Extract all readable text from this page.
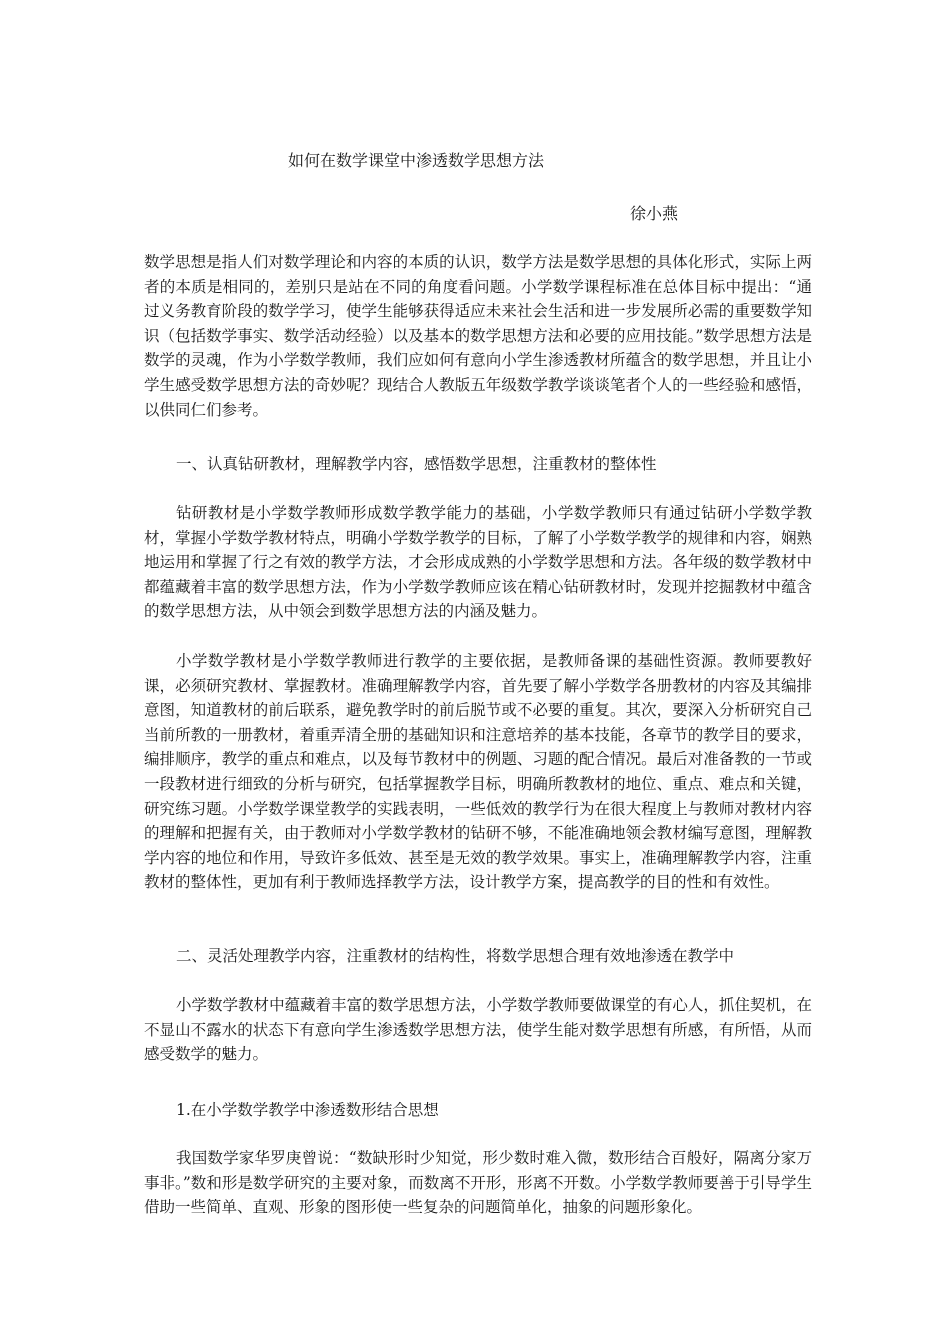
如何在数学课堂中渗透数学思想方法
徐小燕

数学思想是指人们对数学理论和内容的本质的认识，数学方法是数学思想的具体化形式，实际上两者的本质是相同的，差别只是站在不同的角度看问题。小学数学课程标准在总体目标中提出：“通过义务教育阶段的数学学习，使学生能够获得适应未来社会生活和进一步发展所必需的重要数学知识（包括数学事实、数学活动经验）以及基本的数学思想方法和必要的应用技能。”数学思想方法是数学的灵魂，作为小学数学教师，我们应如何有意向小学生渗透教材所蕴含的数学思想，并且让小学生感受数学思想方法的奇妙呢？现结合人教版五年级数学教学谈谈笔者个人的一些经验和感悟，以供同仁们参考。

一、认真钻研教材，理解教学内容，感悟数学思想，注重教材的整体性

钻研教材是小学数学教师形成数学教学能力的基础，小学数学教师只有通过钻研小学数学教材，掌握小学数学教材特点，明确小学数学教学的目标，了解了小学数学教学的规律和内容，娴熟地运用和掌握了行之有效的教学方法，才会形成成熟的小学数学思想和方法。各年级的数学教材中都蕴藏着丰富的数学思想方法，作为小学数学教师应该在精心钻研教材时，发现并挖掘教材中蕴含的数学思想方法，从中领会到数学思想方法的内涵及魅力。

小学数学教材是小学数学教师进行教学的主要依据，是教师备课的基础性资源。教师要教好课，必须研究教材、掌握教材。准确理解教学内容，首先要了解小学数学各册教材的内容及其编排意图，知道教材的前后联系，避免教学时的前后脱节或不必要的重复。其次，要深入分析研究自己当前所教的一册教材，着重弄清全册的基础知识和注意培养的基本技能，各章节的教学目的要求，编排顺序，教学的重点和难点，以及每节教材中的例题、习题的配合情况。最后对准备教的一节或一段教材进行细致的分析与研究，包括掌握教学目标，明确所教教材的地位、重点、难点和关键，研究练习题。小学数学课堂教学的实践表明，一些低效的教学行为在很大程度上与教师对教材内容的理解和把握有关，由于教师对小学数学教材的钻研不够，不能准确地领会教材编写意图，理解教学内容的地位和作用，导致许多低效、甚至是无效的教学效果。事实上，准确理解教学内容，注重教材的整体性，更加有利于教师选择教学方法，设计教学方案，提高教学的目的性和有效性。

二、灵活处理教学内容，注重教材的结构性，将数学思想合理有效地渗透在教学中

小学数学教材中蕴藏着丰富的数学思想方法，小学数学教师要做课堂的有心人，抓住契机，在不显山不露水的状态下有意向学生渗透数学思想方法，使学生能对数学思想有所感，有所悟，从而感受数学的魅力。

1.在小学数学教学中渗透数形结合思想

我国数学家华罗庚曾说：“数缺形时少知觉，形少数时难入微，数形结合百般好，隔离分家万事非。”数和形是数学研究的主要对象，而数离不开形，形离不开数。小学数学教师要善于引导学生借助一些简单、直观、形象的图形使一些复杂的问题简单化，抽象的问题形象化。
